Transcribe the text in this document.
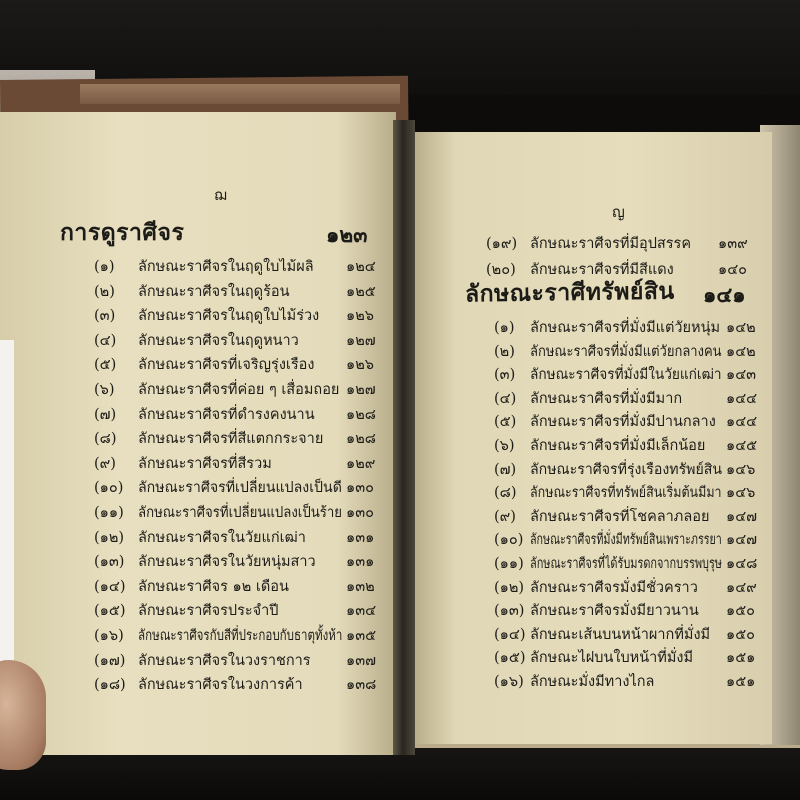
ฌ
การดูราศีจร	๑๒๓
(๑) ลักษณะราศีจรในฤดูใบไม้ผลิ ๑๒๔
(๒) ลักษณะราศีจรในฤดูร้อน	๑๒๕
(๓) ลักษณะราศีจรในฤดูใบไม้ร่วง ๑๒๖
(๔) ลักษณะราศีจรในฤดูหนาว	๑๒๗
(๕) ลักษณะราศีจรที่เจริญรุ่งเรือง ๑๒๖
(๖) ลักษณะราศีจรที่ค่อย ๆ เสื่อมถอย ๑๒๗
(๗) ลักษณะราศีจรที่ดำรงคงนาน ๑๒๘
(๘) ลักษณะราศีจรที่สีแตกกระจาย ๑๒๘
(๙) ลักษณะราศีจรที่สีรวม	๑๒๙
(๑๐) ลักษณะราศีจรที่เปลี่ยนแปลงเป็นดี ๑๓๐
(๑๑) ลักษณะราศีจรที่เปลี่ยนแปลงเป็นร้าย ๑๓๐
(๑๒) ลักษณะราศีจรในวัยแก่เฒ่า	๑๓๑
(๑๓) ลักษณะราศีจรในวัยหนุ่มสาว ๑๓๑
(๑๔) ลักษณะราศีจร ๑๒ เดือน	๑๓๒
(๑๕) ลักษณะราศีจรประจำปี	๑๓๔
(๑๖) ลักษณะราศีจรกับสีที่ประกอบกับธาตุทั้งห้า ๑๓๕
(๑๗) ลักษณะราศีจรในวงราชการ ๑๓๗
(๑๘) ลักษณะราศีจรในวงการค้า	๑๓๘
ญ
(๑๙) ลักษณะราศีจรที่มีอุปสรรค ๑๓๙
(๒๐) ลักษณะราศีจรที่มีสีแดง	๑๔๐
ลักษณะราศีทรัพย์สิน ๑๔๑
(๑) ลักษณะราศีจรที่มั่งมีแต่วัยหนุ่ม ๑๔๒
(๒) ลักษณะราศีจรที่มั่งมีแต่วัยกลางคน ๑๔๒
(๓) ลักษณะราศีจรที่มั่งมีในวัยแก่เฒ่า ๑๔๓
(๔) ลักษณะราศีจรที่มั่งมีมาก	๑๔๔
(๕) ลักษณะราศีจรที่มั่งมีปานกลาง ๑๔๔
(๖) ลักษณะราศีจรที่มั่งมีเล็กน้อย ๑๔๕
(๗) ลักษณะราศีจรที่รุ่งเรืองทรัพย์สิน ๑๔๖
(๘) ลักษณะราศีจรที่ทรัพย์สินเริ่มต้นมีมา ๑๔๖
(๙) ลักษณะราศีจรที่โชคลาภลอย ๑๔๗
(๑๐) ลักษณะราศีจรที่มั่งมีทรัพย์สินเพราะภรรยา ๑๔๗
(๑๑) ลักษณะราศีจรที่ได้รับมรดกจากบรรพบุรุษ ๑๔๘
(๑๒) ลักษณะราศีจรมั่งมีชั่วคราว ๑๔๙
(๑๓) ลักษณะราศีจรมั่งมียาวนาน ๑๕๐
(๑๔) ลักษณะเส้นบนหน้าผากที่มั่งมี ๑๕๐
(๑๕) ลักษณะไฝบนใบหน้าที่มั่งมี ๑๕๑
(๑๖) ลักษณะมั่งมีทางไกล	๑๕๑
